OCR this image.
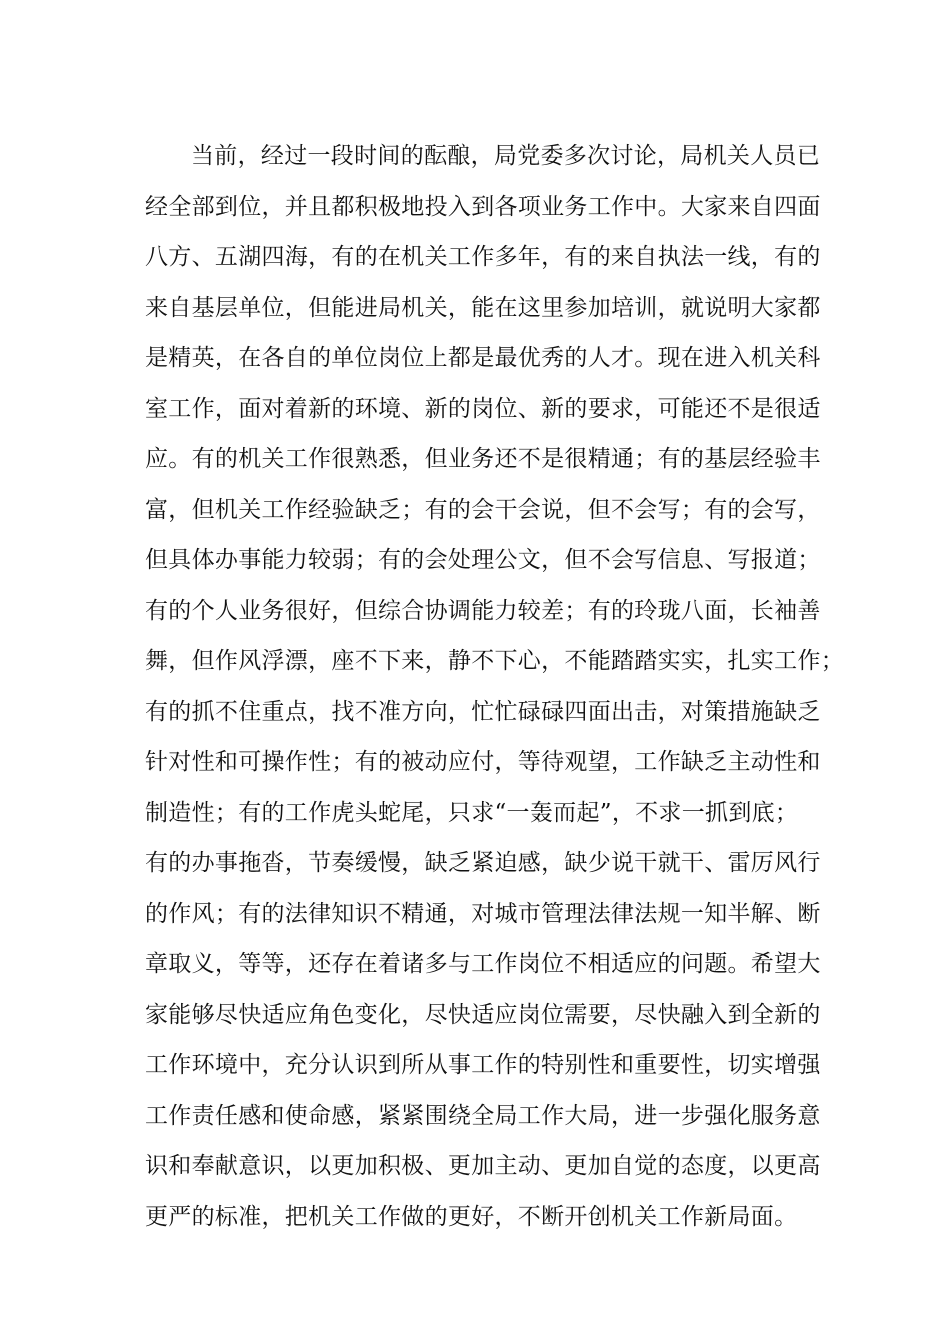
当前，经过一段时间的酝酿，局党委多次讨论，局机关人员已
经全部到位，并且都积极地投入到各项业务工作中。大家来自四面
八方、五湖四海，有的在机关工作多年，有的来自执法一线，有的
来自基层单位，但能进局机关，能在这里参加培训，就说明大家都
是精英，在各自的单位岗位上都是最优秀的人才。现在进入机关科
室工作，面对着新的环境、新的岗位、新的要求，可能还不是很适
应。有的机关工作很熟悉，但业务还不是很精通；有的基层经验丰
富，但机关工作经验缺乏；有的会干会说，但不会写；有的会写，
但具体办事能力较弱；有的会处理公文，但不会写信息、写报道；
有的个人业务很好，但综合协调能力较差；有的玲珑八面，长袖善
舞，但作风浮漂，座不下来，静不下心，不能踏踏实实，扎实工作；
有的抓不住重点，找不准方向，忙忙碌碌四面出击，对策措施缺乏
针对性和可操作性；有的被动应付，等待观望，工作缺乏主动性和
制造性；有的工作虎头蛇尾，只求“一轰而起”，不求一抓到底；
有的办事拖沓，节奏缓慢，缺乏紧迫感，缺少说干就干、雷厉风行
的作风；有的法律知识不精通，对城市管理法律法规一知半解、断
章取义，等等，还存在着诸多与工作岗位不相适应的问题。希望大
家能够尽快适应角色变化，尽快适应岗位需要，尽快融入到全新的
工作环境中，充分认识到所从事工作的特别性和重要性，切实增强
工作责任感和使命感，紧紧围绕全局工作大局，进一步强化服务意
识和奉献意识，以更加积极、更加主动、更加自觉的态度，以更高
更严的标准，把机关工作做的更好，不断开创机关工作新局面。
